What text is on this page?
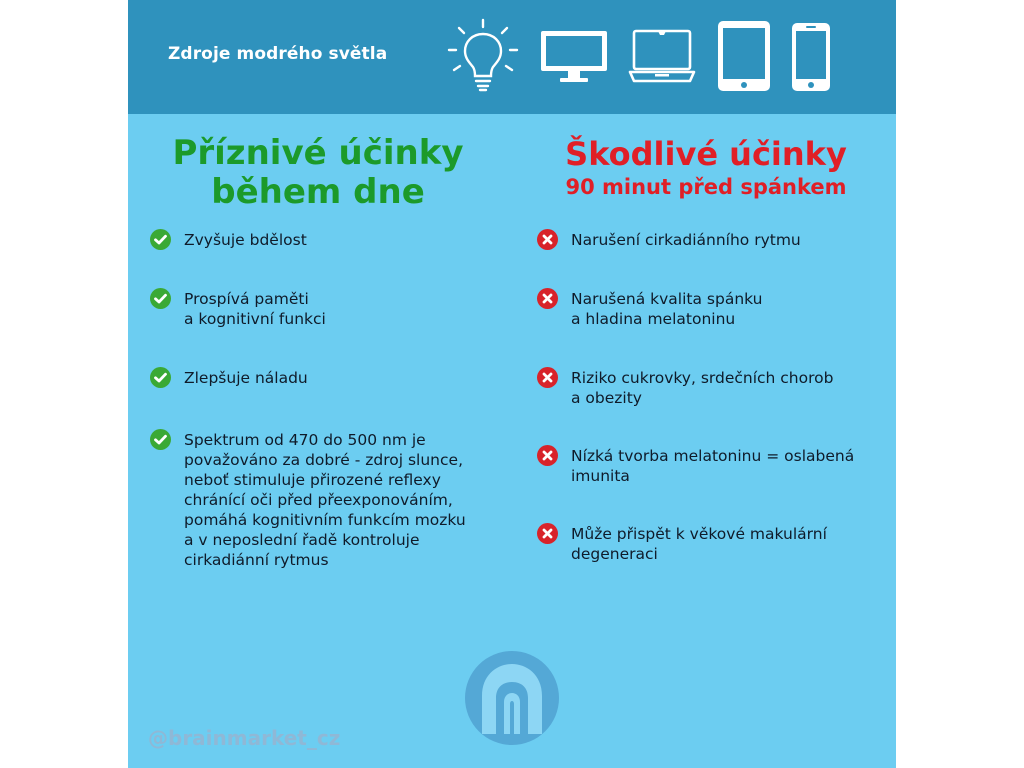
Zdroje modrého světla
Příznivé účinky
během dne
Zvyšuje bdělost
Prospívá paměti
a kognitivní funkci
Zlepšuje náladu
Spektrum od 470 do 500 nm je
považováno za dobré - zdroj slunce,
neboť stimuluje přirozené reflexy
chránící oči před přeexponováním,
pomáhá kognitivním funkcím mozku
a v neposlední řadě kontroluje
cirkadiánní rytmus
Škodlivé účinky
90 minut před spánkem
Narušení cirkadiánního rytmu
Narušená kvalita spánku
a hladina melatoninu
Riziko cukrovky, srdečních chorob
a obezity
Nízká tvorba melatoninu = oslabená
imunita
Může přispět k věkové makulární
degeneraci
@brainmarket_cz
